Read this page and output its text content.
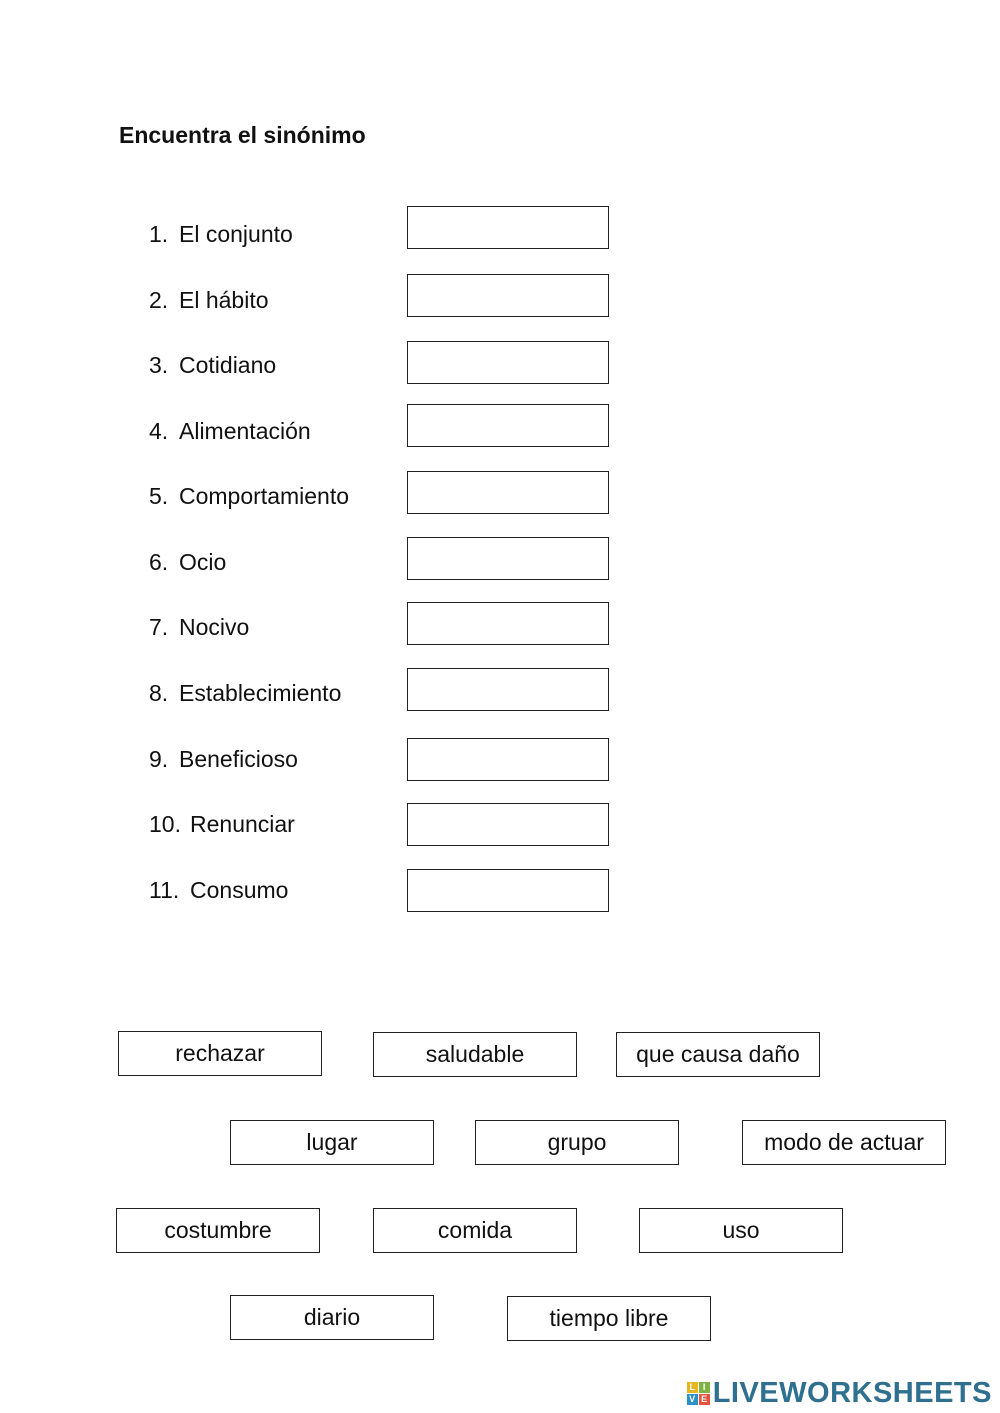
Encuentra el sinónimo
1. El conjunto
2. El hábito
3. Cotidiano
4. Alimentación
5. Comportamiento
6. Ocio
7. Nocivo
8. Establecimiento
9. Beneficioso
10. Renunciar
11. Consumo
rechazar	saludable	que causa daño
lugar	grupo	modo de actuar
costumbre	comida	uso
diario	tiempo libre
L I
V E LIVEWORKSHEETS
